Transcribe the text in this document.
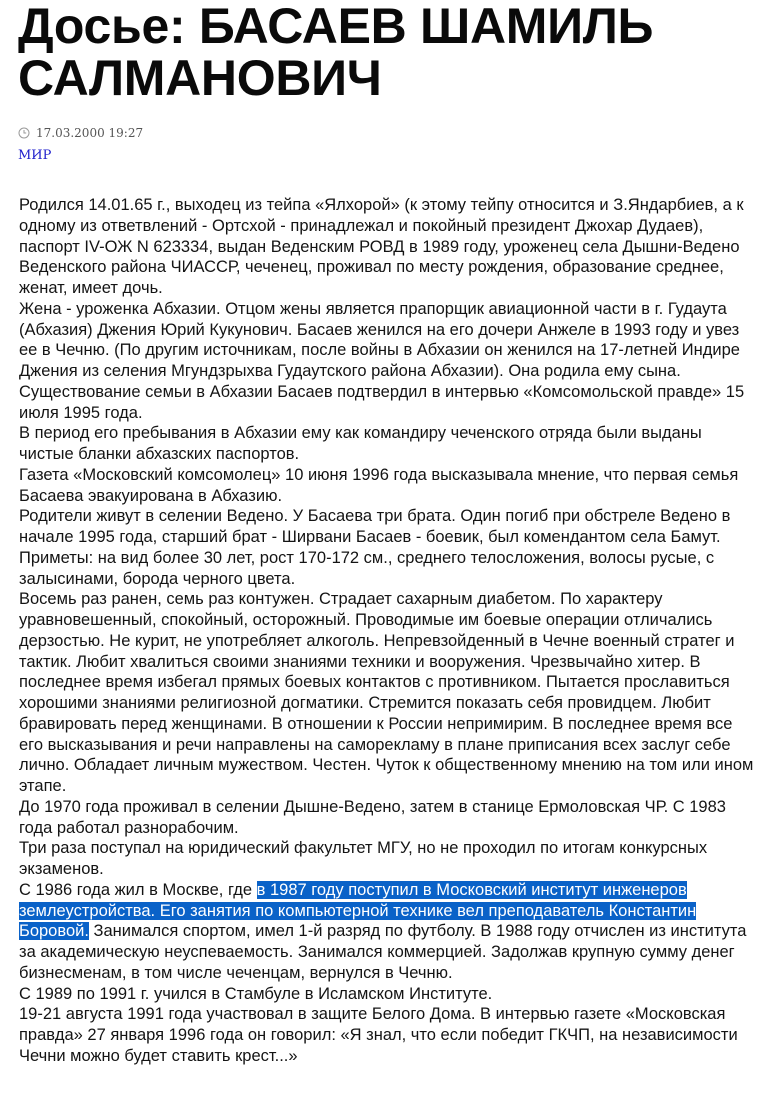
Досье: БАСАЕВ ШАМИЛЬ САЛМАНОВИЧ
17.03.2000 19:27
МИР

Родился 14.01.65 г., выходец из тейпа «Ялхорой» (к этому тейпу относится и З.Яндарбиев, а к одному из ответвлений - Ортсхой - принадлежал и покойный президент Джохар Дудаев), паспорт IV-ОЖ N 623334, выдан Веденским РОВД в 1989 году, уроженец села Дышни-Ведено Веденского района ЧИАССР, чеченец, проживал по месту рождения, образование среднее, женат, имеет дочь.

Жена - уроженка Абхазии. Отцом жены является прапорщик авиационной части в г. Гудаута (Абхазия) Джения Юрий Кукунович. Басаев женился на его дочери Анжеле в 1993 году и увез ее в Чечню. (По другим источникам, после войны в Абхазии он женился на 17-летней Индире Джения из селения Мгундзрыхва Гудаутского района Абхазии). Она родила ему сына. Существование семьи в Абхазии Басаев подтвердил в интервью «Комсомольской правде» 15 июля 1995 года.

В период его пребывания в Абхазии ему как командиру чеченского отряда были выданы чистые бланки абхазских паспортов.

Газета «Московский комсомолец» 10 июня 1996 года высказывала мнение, что первая семья Басаева эвакуирована в Абхазию.

Родители живут в селении Ведено. У Басаева три брата. Один погиб при обстреле Ведено в начале 1995 года, старший брат - Ширвани Басаев - боевик, был комендантом села Бамут.

Приметы: на вид более 30 лет, рост 170-172 см., среднего телосложения, волосы русые, с залысинами, борода черного цвета.

Восемь раз ранен, семь раз контужен. Страдает сахарным диабетом. По характеру уравновешенный, спокойный, осторожный. Проводимые им боевые операции отличались дерзостью. Не курит, не употребляет алкоголь. Непревзойденный в Чечне военный стратег и тактик. Любит хвалиться своими знаниями техники и вооружения. Чрезвычайно хитер. В последнее время избегал прямых боевых контактов с противником. Пытается прославиться хорошими знаниями религиозной догматики. Стремится показать себя провидцем. Любит бравировать перед женщинами. В отношении к России непримирим. В последнее время все его высказывания и речи направлены на саморекламу в плане приписания всех заслуг себе лично. Обладает личным мужеством. Честен. Чуток к общественному мнению на том или ином этапе.

До 1970 года проживал в селении Дышне-Ведено, затем в станице Ермоловская ЧР. С 1983 года работал разнорабочим.

Три раза поступал на юридический факультет МГУ, но не проходил по итогам конкурсных экзаменов.

С 1986 года жил в Москве, где в 1987 году поступил в Московский институт инженеров землеустройства. Его занятия по компьютерной технике вел преподаватель Константин Боровой. Занимался спортом, имел 1-й разряд по футболу. В 1988 году отчислен из института за академическую неуспеваемость. Занимался коммерцией. Задолжав крупную сумму денег бизнесменам, в том числе чеченцам, вернулся в Чечню.

С 1989 по 1991 г. учился в Стамбуле в Исламском Институте.

19-21 августа 1991 года участвовал в защите Белого Дома. В интервью газете «Московская правда» 27 января 1996 года он говорил: «Я знал, что если победит ГКЧП, на независимости Чечни можно будет ставить крест...»
